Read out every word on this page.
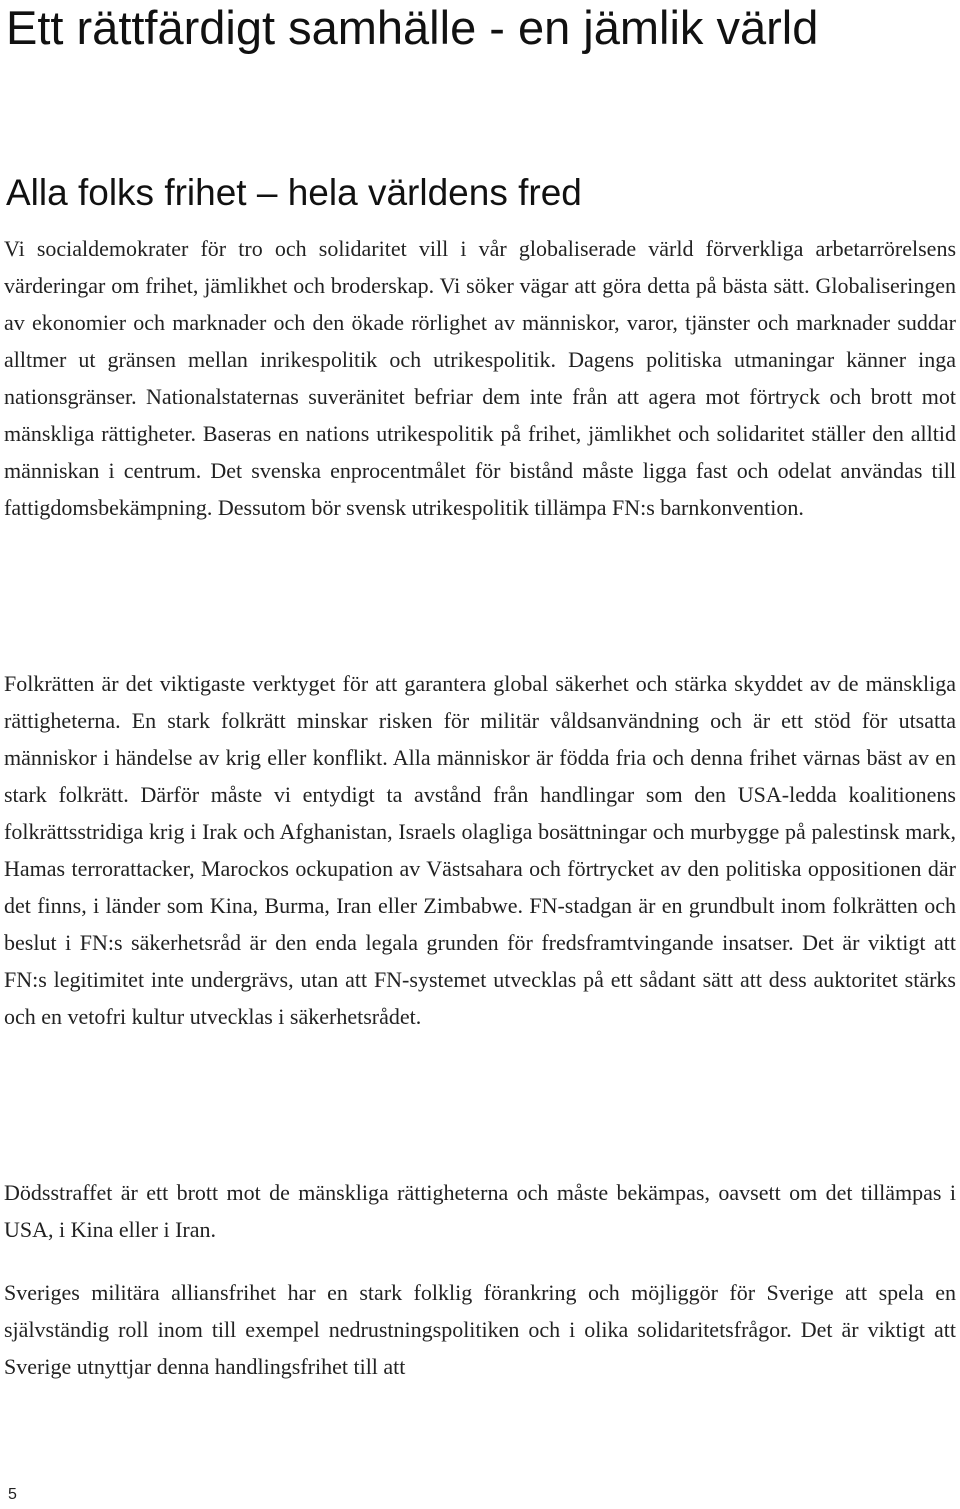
Ett rättfärdigt samhälle - en jämlik värld
Alla folks frihet – hela världens fred

Vi socialdemokrater för tro och solidaritet vill i vår globaliserade värld förverkliga arbetarrörelsens värderingar om frihet, jämlikhet och broderskap. Vi söker vägar att göra detta på bästa sätt. Globaliseringen av ekonomier och marknader och den ökade rörlighet av människor, varor, tjänster och marknader suddar alltmer ut gränsen mellan inrikespolitik och utrikespolitik. Dagens politiska utmaningar känner inga nationsgränser. Nationalstaternas suveränitet befriar dem inte från att agera mot förtryck och brott mot mänskliga rättigheter. Baseras en nations utrikespolitik på frihet, jämlikhet och solidaritet ställer den alltid människan i centrum. Det svenska enprocentmålet för bistånd måste ligga fast och odelat användas till fattigdomsbekämpning. Dessutom bör svensk utrikespolitik tillämpa FN:s barnkonvention.

Folkrätten är det viktigaste verktyget för att garantera global säkerhet och stärka skyddet av de mänskliga rättigheterna. En stark folkrätt minskar risken för militär våldsanvändning och är ett stöd för utsatta människor i händelse av krig eller konflikt. Alla människor är födda fria och denna frihet värnas bäst av en stark folkrätt. Därför måste vi entydigt ta avstånd från handlingar som den USA-ledda koalitionens folkrättsstridiga krig i Irak och Afghanistan, Israels olagliga bosättningar och murbygge på palestinsk mark, Hamas terrorattacker, Marockos ockupation av Västsahara och förtrycket av den politiska oppositionen där det finns, i länder som Kina, Burma, Iran eller Zimbabwe. FN-stadgan är en grundbult inom folkrätten och beslut i FN:s säkerhetsråd är den enda legala grunden för fredsframtvingande insatser. Det är viktigt att FN:s legitimitet inte undergrävs, utan att FN-systemet utvecklas på ett sådant sätt att dess auktoritet stärks och en vetofri kultur utvecklas i säkerhetsrådet.

Dödsstraffet är ett brott mot de mänskliga rättigheterna och måste bekämpas, oavsett om det tillämpas i USA, i Kina eller i Iran.

Sveriges militära alliansfrihet har en stark folklig förankring och möjliggör för Sverige att spela en självständig roll inom till exempel nedrustningspolitiken och i olika solidaritetsfrågor. Det är viktigt att Sverige utnyttjar denna handlingsfrihet till att

5
